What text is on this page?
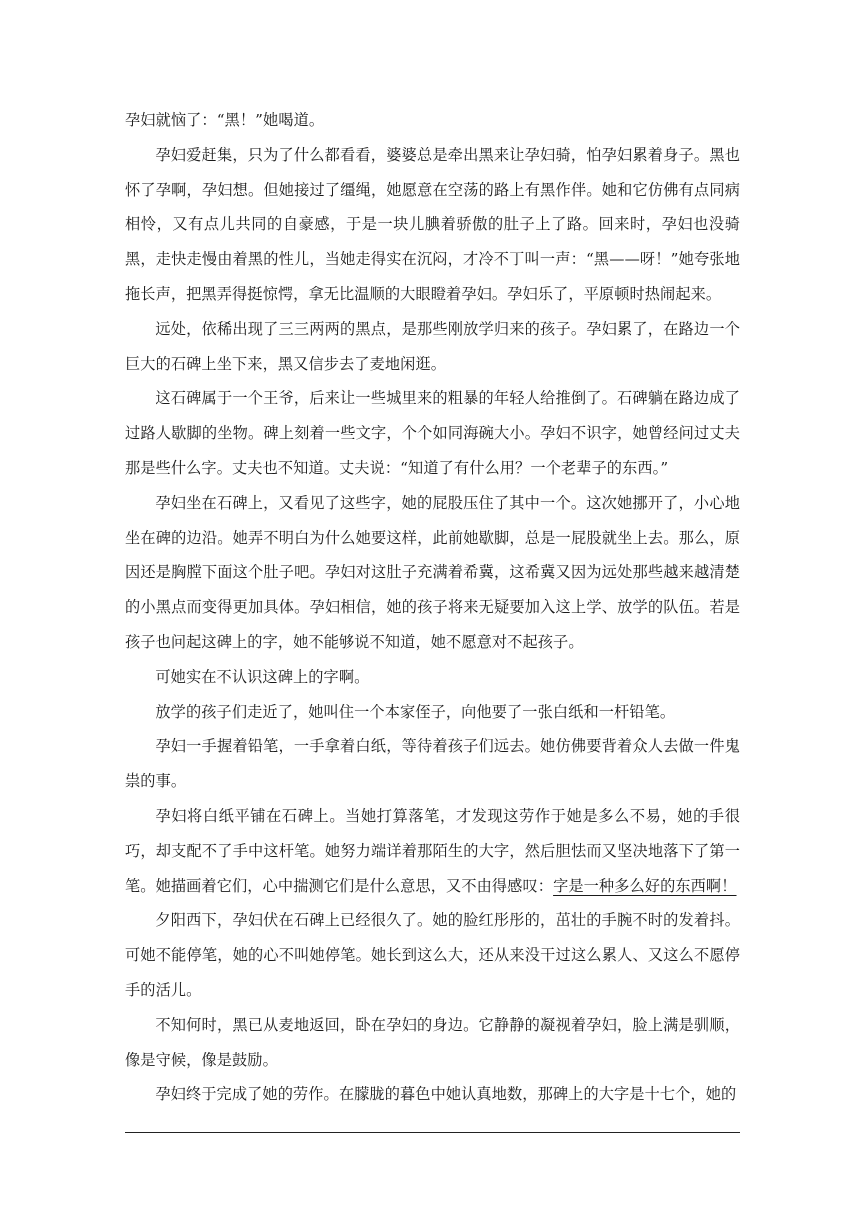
孕妇就恼了：“黑！”她喝道。

孕妇爱赶集，只为了什么都看看，婆婆总是牵出黑来让孕妇骑，怕孕妇累着身子。黑也怀了孕啊，孕妇想。但她接过了缰绳，她愿意在空荡的路上有黑作伴。她和它仿佛有点同病相怜，又有点儿共同的自豪感，于是一块儿腆着骄傲的肚子上了路。回来时，孕妇也没骑黑，走快走慢由着黑的性儿，当她走得实在沉闷，才冷不丁叫一声：“黑——呀！”她夸张地拖长声，把黑弄得挺惊愕，拿无比温顺的大眼瞪着孕妇。孕妇乐了，平原顿时热闹起来。

远处，依稀出现了三三两两的黑点，是那些刚放学归来的孩子。孕妇累了，在路边一个巨大的石碑上坐下来，黑又信步去了麦地闲逛。

这石碑属于一个王爷，后来让一些城里来的粗暴的年轻人给推倒了。石碑躺在路边成了过路人歇脚的坐物。碑上刻着一些文字，个个如同海碗大小。孕妇不识字，她曾经问过丈夫那是些什么字。丈夫也不知道。丈夫说：“知道了有什么用？一个老辈子的东西。”

孕妇坐在石碑上，又看见了这些字，她的屁股压住了其中一个。这次她挪开了，小心地坐在碑的边沿。她弄不明白为什么她要这样，此前她歇脚，总是一屁股就坐上去。那么，原因还是胸膛下面这个肚子吧。孕妇对这肚子充满着希冀，这希冀又因为远处那些越来越清楚的小黑点而变得更加具体。孕妇相信，她的孩子将来无疑要加入这上学、放学的队伍。若是孩子也问起这碑上的字，她不能够说不知道，她不愿意对不起孩子。

可她实在不认识这碑上的字啊。

放学的孩子们走近了，她叫住一个本家侄子，向他要了一张白纸和一杆铅笔。

孕妇一手握着铅笔，一手拿着白纸，等待着孩子们远去。她仿佛要背着众人去做一件鬼祟的事。

孕妇将白纸平铺在石碑上。当她打算落笔，才发现这劳作于她是多么不易，她的手很巧，却支配不了手中这杆笔。她努力端详着那陌生的大字，然后胆怯而又坚决地落下了第一笔。她描画着它们，心中揣测它们是什么意思，又不由得感叹：字是一种多么好的东西啊！

夕阳西下，孕妇伏在石碑上已经很久了。她的脸红彤彤的，茁壮的手腕不时的发着抖。可她不能停笔，她的心不叫她停笔。她长到这么大，还从来没干过这么累人、又这么不愿停手的活儿。

不知何时，黑已从麦地返回，卧在孕妇的身边。它静静的凝视着孕妇，脸上满是驯顺，像是守候，像是鼓励。

孕妇终于完成了她的劳作。在朦胧的暮色中她认真地数，那碑上的大字是十七个，她的
